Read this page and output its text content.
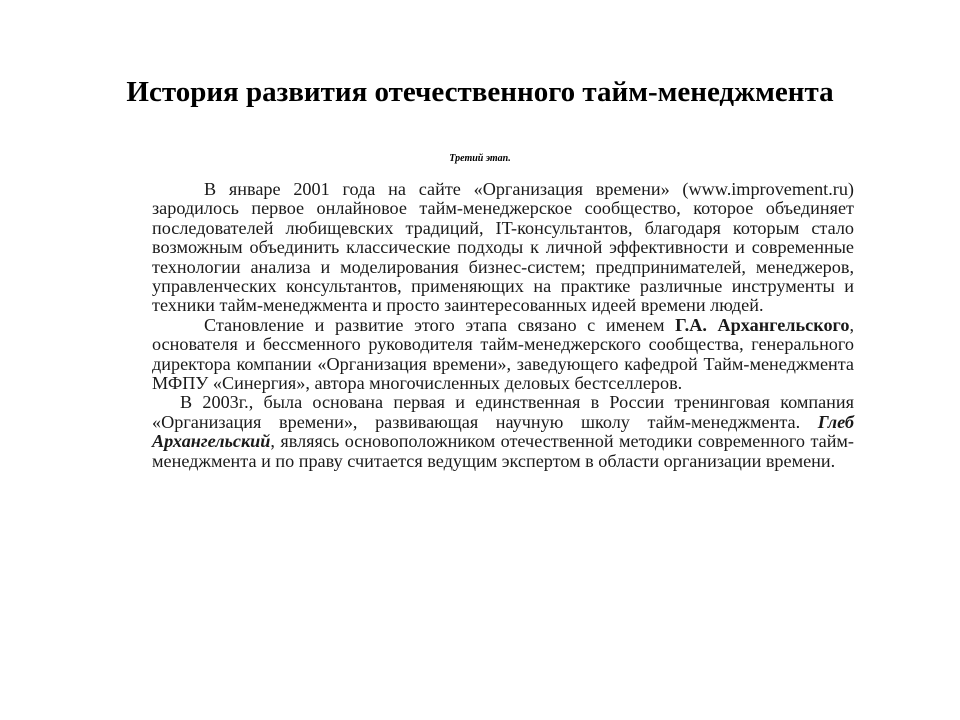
История развития отечественного тайм-менеджмента

Третий этап.

В январе 2001 года на сайте «Организация времени» (www.improvement.ru) зародилось первое онлайновое тайм-менеджерское сообщество, которое объединяет последователей любищевских традиций, IT-консультантов, благодаря которым стало возможным объединить классические подходы к личной эффективности и современные технологии анализа и моделирования бизнес-систем; предпринимателей, менеджеров, управленческих консультантов, применяющих на практике различные инструменты и техники тайм-менеджмента и просто заинтересованных идеей времени людей.

Становление и развитие этого этапа связано с именем Г.А. Архангельского, основателя и бессменного руководителя тайм-менеджерского сообщества, генерального директора компании «Организация времени», заведующего кафедрой Тайм-менеджмента МФПУ «Синергия», автора многочисленных деловых бестселлеров.

В 2003г., была основана первая и единственная в России тренинговая компания «Организация времени», развивающая научную школу тайм-менеджмента. Глеб Архангельский, являясь основоположником отечественной методики современного тайм-менеджмента и по праву считается ведущим экспертом в области организации времени.
